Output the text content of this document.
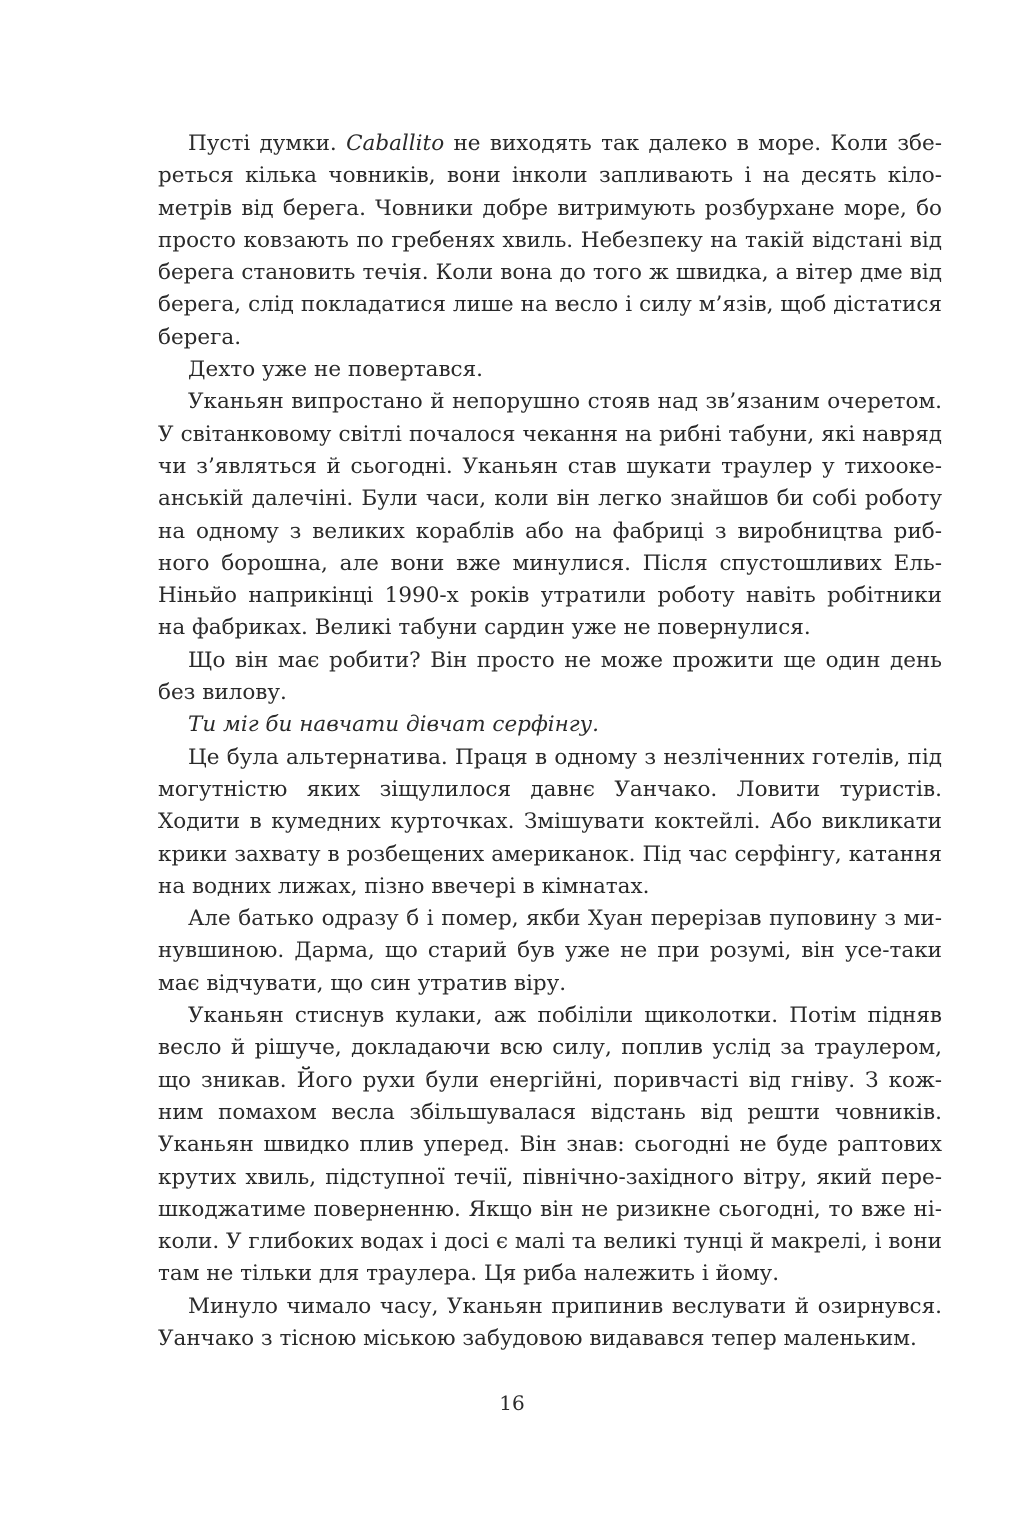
Пусті думки. Caballito не виходять так далеко в море. Коли збереться кілька човників, вони інколи запливають і на десять кілометрів від берега. Човники добре витримують розбурхане море, бо просто ковзають по гребенях хвиль. Небезпеку на такій відстані від берега становить течія. Коли вона до того ж швидка, а вітер дме від берега, слід покладатися лише на весло і силу м’язів, щоб дістатися берега.

Дехто уже не повертався.

Уканьян випростано й непорушно стояв над зв’язаним очеретом. У світанковому світлі почалося чекання на рибні табуни, які навряд чи з’являться й сьогодні. Уканьян став шукати траулер у тихоокеанській далечіні. Були часи, коли він легко знайшов би собі роботу на одному з великих кораблів або на фабриці з виробництва рибного борошна, але вони вже минулися. Після спустошливих Ель-Ніньйо наприкінці 1990-х років утратили роботу навіть робітники на фабриках. Великі табуни сардин уже не повернулися.

Що він має робити? Він просто не може прожити ще один день без вилову.

Ти міг би навчати дівчат серфінгу.

Це була альтернатива. Праця в одному з незліченних готелів, під могутністю яких зіщулилося давнє Уанчако. Ловити туристів. Ходити в кумедних курточках. Змішувати коктейлі. Або викликати крики захвату в розбещених американок. Під час серфінгу, катання на водних лижах, пізно ввечері в кімнатах.

Але батько одразу б і помер, якби Хуан перерізав пуповину з минувшиною. Дарма, що старий був уже не при розумі, він усе-таки має відчувати, що син утратив віру.

Уканьян стиснув кулаки, аж побіліли щиколотки. Потім підняв весло й рішуче, докладаючи всю силу, поплив услід за траулером, що зникав. Його рухи були енергійні, поривчасті від гніву. З кожним помахом весла збільшувалася відстань від решти човників. Уканьян швидко плив уперед. Він знав: сьогодні не буде раптових крутих хвиль, підступної течії, північно-західного вітру, який перешкоджатиме поверненню. Якщо він не ризикне сьогодні, то вже ніколи. У глибоких водах і досі є малі та великі тунці й макрелі, і вони там не тільки для траулера. Ця риба належить і йому.

Минуло чимало часу, Уканьян припинив веслувати й озирнувся. Уанчако з тісною міською забудовою видавався тепер маленьким.

16
